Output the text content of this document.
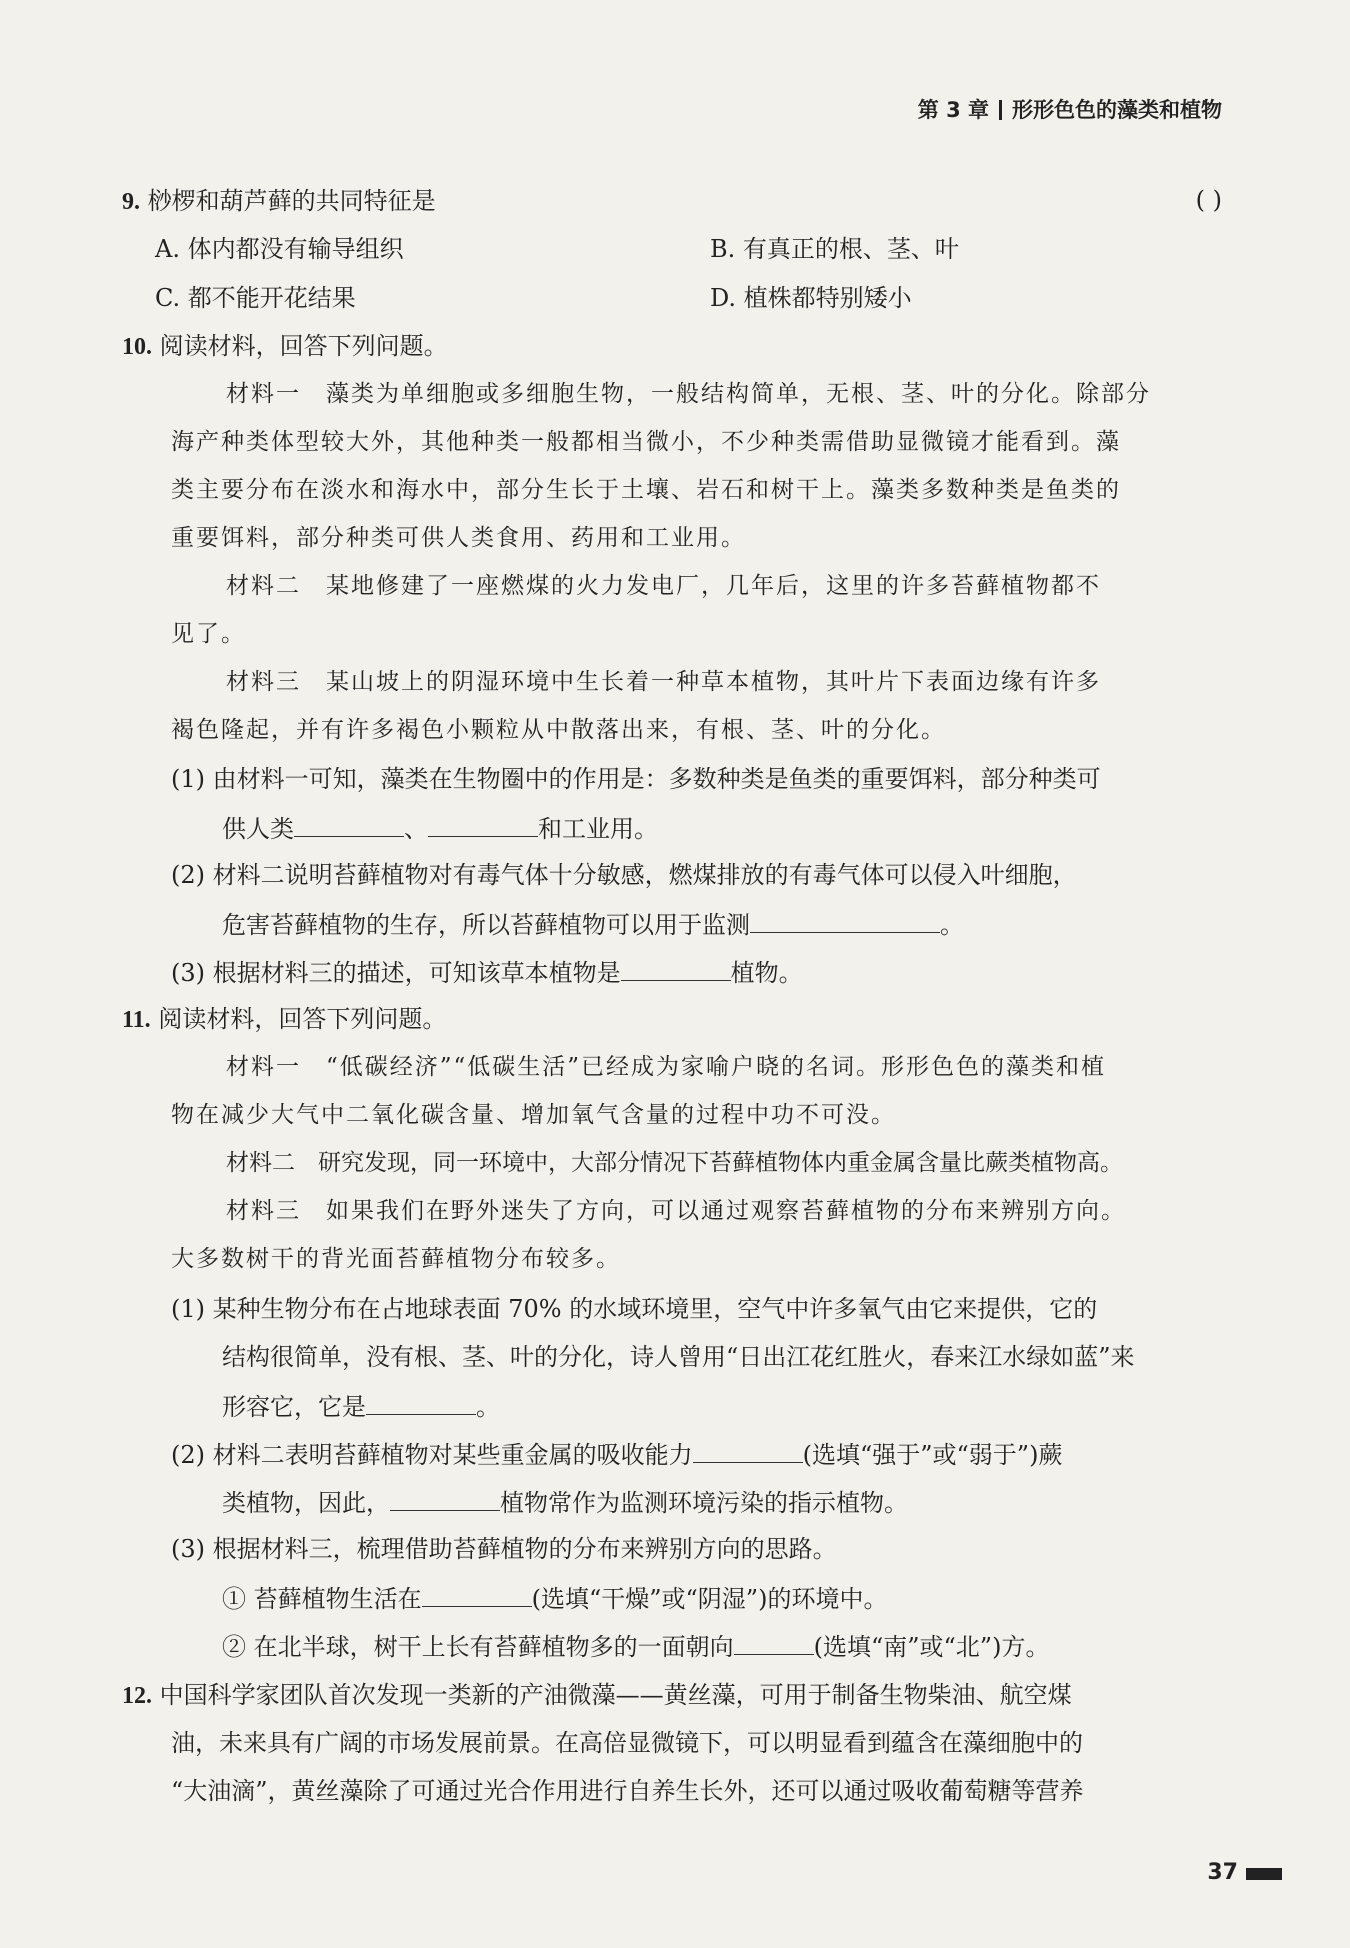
第 3 章 形形色色的藻类和植物
9. 桫椤和葫芦藓的共同特征是	( )
A. 体内都没有输导组织	B. 有真正的根、茎、叶
C. 都不能开花结果	D. 植株都特别矮小
10. 阅读材料，回答下列问题。
材料一　藻类为单细胞或多细胞生物，一般结构简单，无根、茎、叶的分化。除部分
海产种类体型较大外，其他种类一般都相当微小，不少种类需借助显微镜才能看到。藻
类主要分布在淡水和海水中，部分生长于土壤、岩石和树干上。藻类多数种类是鱼类的
重要饵料，部分种类可供人类食用、药用和工业用。
材料二　某地修建了一座燃煤的火力发电厂，几年后，这里的许多苔藓植物都不
见了。
材料三　某山坡上的阴湿环境中生长着一种草本植物，其叶片下表面边缘有许多
褐色隆起，并有许多褐色小颗粒从中散落出来，有根、茎、叶的分化。
(1) 由材料一可知，藻类在生物圈中的作用是：多数种类是鱼类的重要饵料，部分种类可
供人类	、	和工业用。
(2) 材料二说明苔藓植物对有毒气体十分敏感，燃煤排放的有毒气体可以侵入叶细胞，
危害苔藓植物的生存，所以苔藓植物可以用于监测	。
(3) 根据材料三的描述，可知该草本植物是	植物。
11. 阅读材料，回答下列问题。
材料一　“低碳经济”“低碳生活”已经成为家喻户晓的名词。形形色色的藻类和植
物在减少大气中二氧化碳含量、增加氧气含量的过程中功不可没。
材料二　研究发现，同一环境中，大部分情况下苔藓植物体内重金属含量比蕨类植物高。
材料三　如果我们在野外迷失了方向，可以通过观察苔藓植物的分布来辨别方向。
大多数树干的背光面苔藓植物分布较多。
(1) 某种生物分布在占地球表面 70% 的水域环境里，空气中许多氧气由它来提供，它的
结构很简单，没有根、茎、叶的分化，诗人曾用“日出江花红胜火，春来江水绿如蓝”来
形容它，它是	。
(2) 材料二表明苔藓植物对某些重金属的吸收能力	(选填“强于”或“弱于”)蕨
类植物，因此，	植物常作为监测环境污染的指示植物。
(3) 根据材料三，梳理借助苔藓植物的分布来辨别方向的思路。
① 苔藓植物生活在	(选填“干燥”或“阴湿”)的环境中。
② 在北半球，树干上长有苔藓植物多的一面朝向	(选填“南”或“北”)方。
12. 中国科学家团队首次发现一类新的产油微藻——黄丝藻，可用于制备生物柴油、航空煤
油，未来具有广阔的市场发展前景。在高倍显微镜下，可以明显看到蕴含在藻细胞中的
“大油滴”，黄丝藻除了可通过光合作用进行自养生长外，还可以通过吸收葡萄糖等营养
37
